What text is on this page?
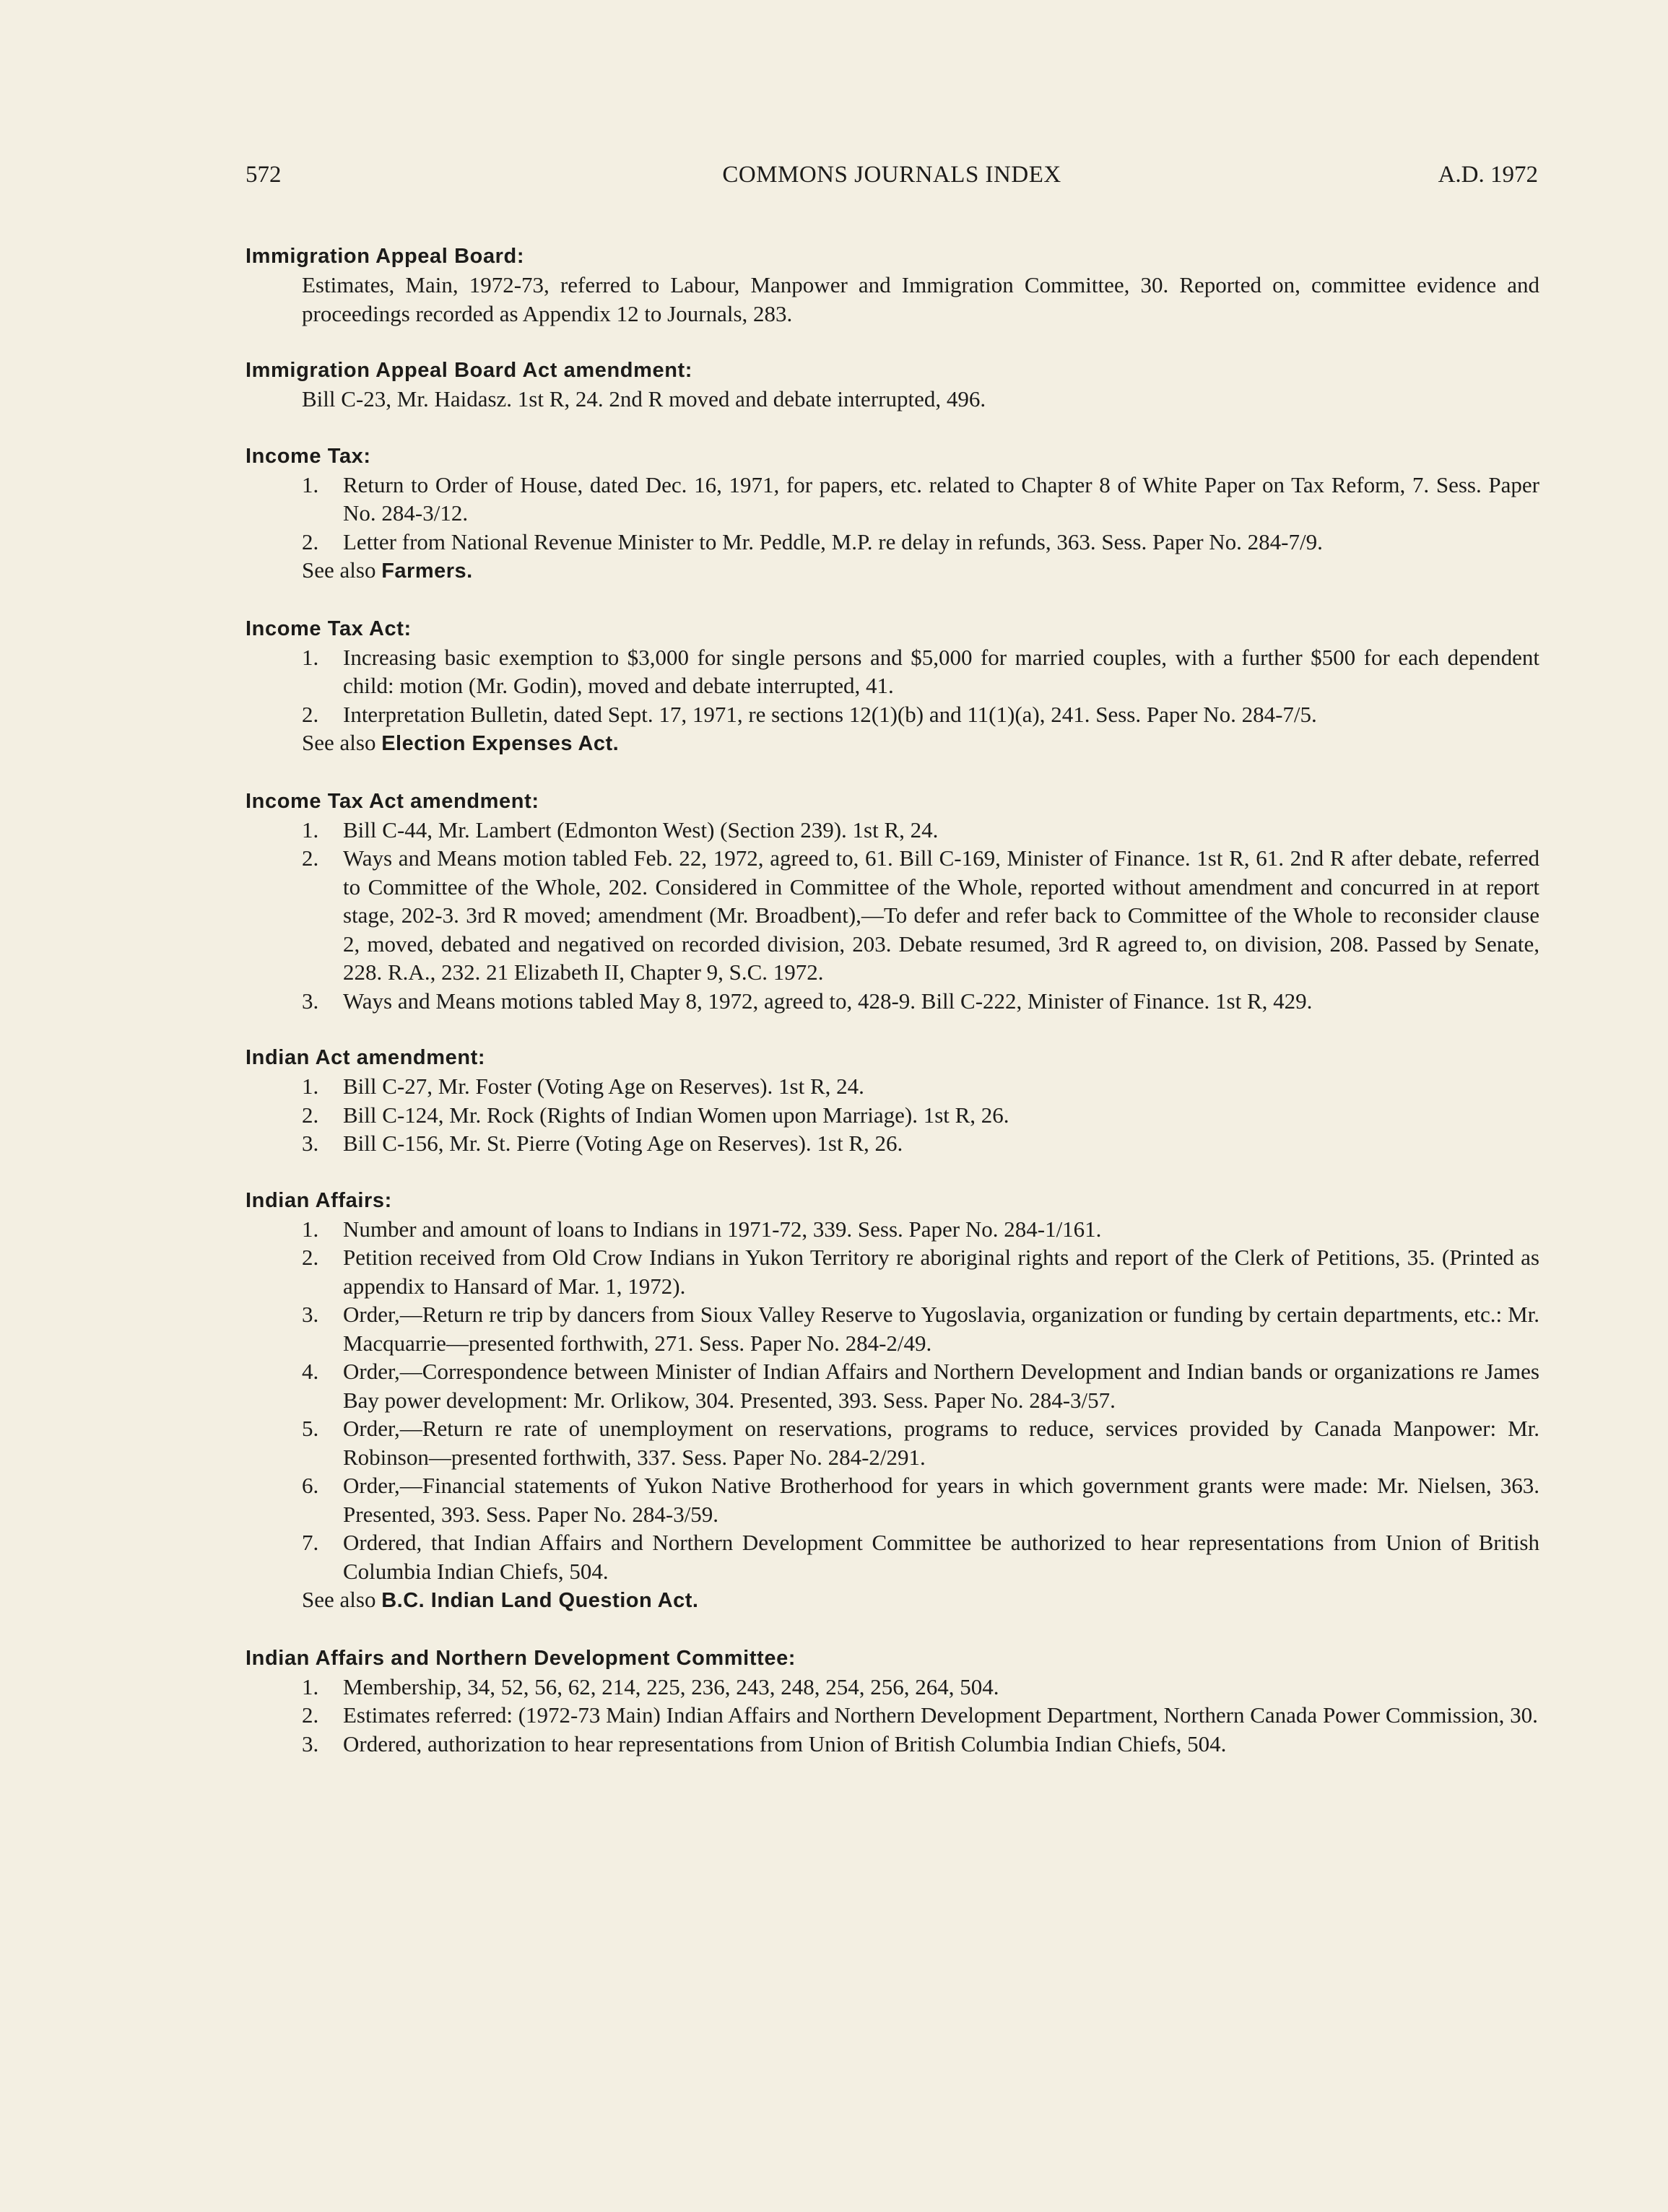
572	COMMONS JOURNALS INDEX	A.D. 1972
Immigration Appeal Board:
Estimates, Main, 1972-73, referred to Labour, Manpower and Immigration Committee, 30. Reported on, committee evidence and proceedings recorded as Appendix 12 to Journals, 283.
Immigration Appeal Board Act amendment:
Bill C-23, Mr. Haidasz. 1st R, 24. 2nd R moved and debate interrupted, 496.
Income Tax:
1.	Return to Order of House, dated Dec. 16, 1971, for papers, etc. related to Chapter 8 of White Paper on Tax Reform, 7. Sess. Paper No. 284-3/12.
2.	Letter from National Revenue Minister to Mr. Peddle, M.P. re delay in refunds, 363. Sess. Paper No. 284-7/9.
See also Farmers.
Income Tax Act:
1.	Increasing basic exemption to $3,000 for single persons and $5,000 for married couples, with a further $500 for each dependent child: motion (Mr. Godin), moved and debate interrupted, 41.
2.	Interpretation Bulletin, dated Sept. 17, 1971, re sections 12(1)(b) and 11(1)(a), 241. Sess. Paper No. 284-7/5.
See also Election Expenses Act.
Income Tax Act amendment:
1.	Bill C-44, Mr. Lambert (Edmonton West) (Section 239). 1st R, 24.
2.	Ways and Means motion tabled Feb. 22, 1972, agreed to, 61. Bill C-169, Minister of Finance. 1st R, 61. 2nd R after debate, referred to Committee of the Whole, 202. Considered in Committee of the Whole, reported without amendment and concurred in at report stage, 202-3. 3rd R moved; amendment (Mr. Broadbent),—To defer and refer back to Committee of the Whole to reconsider clause 2, moved, debated and negatived on recorded division, 203. Debate resumed, 3rd R agreed to, on division, 208. Passed by Senate, 228. R.A., 232. 21 Elizabeth II, Chapter 9, S.C. 1972.
3.	Ways and Means motions tabled May 8, 1972, agreed to, 428-9. Bill C-222, Minister of Finance. 1st R, 429.
Indian Act amendment:
1.	Bill C-27, Mr. Foster (Voting Age on Reserves). 1st R, 24.
2.	Bill C-124, Mr. Rock (Rights of Indian Women upon Marriage). 1st R, 26.
3.	Bill C-156, Mr. St. Pierre (Voting Age on Reserves). 1st R, 26.
Indian Affairs:
1.	Number and amount of loans to Indians in 1971-72, 339. Sess. Paper No. 284-1/161.
2.	Petition received from Old Crow Indians in Yukon Territory re aboriginal rights and report of the Clerk of Petitions, 35. (Printed as appendix to Hansard of Mar. 1, 1972).
3.	Order,—Return re trip by dancers from Sioux Valley Reserve to Yugoslavia, organization or funding by certain departments, etc.: Mr. Macquarrie—presented forthwith, 271. Sess. Paper No. 284-2/49.
4.	Order,—Correspondence between Minister of Indian Affairs and Northern Development and Indian bands or organizations re James Bay power development: Mr. Orlikow, 304. Presented, 393. Sess. Paper No. 284-3/57.
5.	Order,—Return re rate of unemployment on reservations, programs to reduce, services provided by Canada Manpower: Mr. Robinson—presented forthwith, 337. Sess. Paper No. 284-2/291.
6.	Order,—Financial statements of Yukon Native Brotherhood for years in which government grants were made: Mr. Nielsen, 363. Presented, 393. Sess. Paper No. 284-3/59.
7.	Ordered, that Indian Affairs and Northern Development Committee be authorized to hear representations from Union of British Columbia Indian Chiefs, 504.
See also B.C. Indian Land Question Act.
Indian Affairs and Northern Development Committee:
1.	Membership, 34, 52, 56, 62, 214, 225, 236, 243, 248, 254, 256, 264, 504.
2.	Estimates referred: (1972-73 Main) Indian Affairs and Northern Development Department, Northern Canada Power Commission, 30.
3.	Ordered, authorization to hear representations from Union of British Columbia Indian Chiefs, 504.
